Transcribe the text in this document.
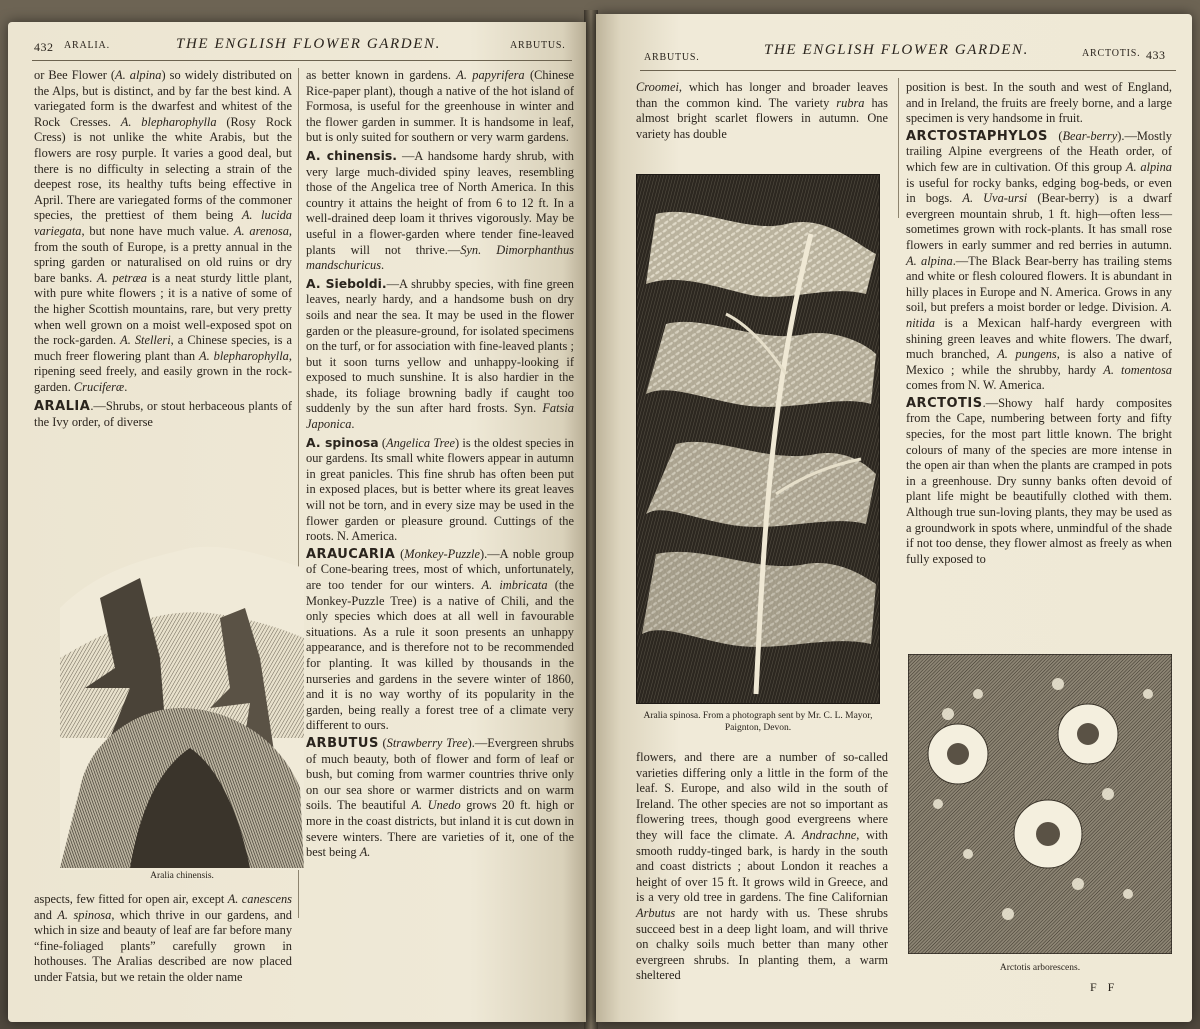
432 ARALIA.	THE ENGLISH FLOWER GARDEN.	ARBUTUS.

or Bee Flower (A. alpina) so widely distributed on the Alps, but is distinct, and by far the best kind. A variegated form is the dwarfest and whitest of the Rock Cresses. A. blepharophylla (Rosy Rock Cress) is not unlike the white Arabis, but the flowers are rosy purple. It varies a good deal, but there is no difficulty in selecting a strain of the deepest rose, its healthy tufts being effective in April. There are variegated forms of the commoner species, the prettiest of them being A. lucida variegata, but none have much value. A. arenosa, from the south of Europe, is a pretty annual in the spring garden or naturalised on old ruins or dry bare banks. A. petræa is a neat sturdy little plant, with pure white flowers ; it is a native of some of the higher Scottish mountains, rare, but very pretty when well grown on a moist well-exposed spot on the rock-garden. A. Stelleri, a Chinese species, is a much freer flowering plant than A. blepharophylla, ripening seed freely, and easily grown in the rock-garden. Cruciferæ.

ARALIA.—Shrubs, or stout herbaceous plants of the Ivy order, of diverse

Aralia chinensis.

aspects, few fitted for open air, except A. canescens and A. spinosa, which thrive in our gardens, and which in size and beauty of leaf are far before many “fine-foliaged plants” carefully grown in hothouses. The Aralias described are now placed under Fatsia, but we retain the older name

as better known in gardens. A. papyrifera (Chinese Rice-paper plant), though a native of the hot island of Formosa, is useful for the greenhouse in winter and the flower garden in summer. It is handsome in leaf, but is only suited for southern or very warm gardens.

A. chinensis. —A handsome hardy shrub, with very large much-divided spiny leaves, resembling those of the Angelica tree of North America. In this country it attains the height of from 6 to 12 ft. In a well-drained deep loam it thrives vigorously. May be useful in a flower-garden where tender fine-leaved plants will not thrive.—Syn. Dimorphanthus mandschuricus.

A. Sieboldi.—A shrubby species, with fine green leaves, nearly hardy, and a handsome bush on dry soils and near the sea. It may be used in the flower garden or the pleasure-ground, for isolated specimens on the turf, or for association with fine-leaved plants ; but it soon turns yellow and unhappy-looking if exposed to much sunshine. It is also hardier in the shade, its foliage browning badly if caught too suddenly by the sun after hard frosts. Syn. Fatsia Japonica.

A. spinosa (Angelica Tree) is the oldest species in our gardens. Its small white flowers appear in autumn in great panicles. This fine shrub has often been put in exposed places, but is better where its great leaves will not be torn, and in every size may be used in the flower garden or pleasure ground. Cuttings of the roots. N. America.

ARAUCARIA (Monkey-Puzzle).—A noble group of Cone-bearing trees, most of which, unfortunately, are too tender for our winters. A. imbricata (the Monkey-Puzzle Tree) is a native of Chili, and the only species which does at all well in favourable situations. As a rule it soon presents an unhappy appearance, and is therefore not to be recommended for planting. It was killed by thousands in the nurseries and gardens in the severe winter of 1860, and it is no way worthy of its popularity in the garden, being really a forest tree of a climate very different to ours.

ARBUTUS (Strawberry Tree).—Evergreen shrubs of much beauty, both of flower and form of leaf or bush, but coming from warmer countries thrive only on our sea shore or warmer districts and on warm soils. The beautiful A. Unedo grows 20 ft. high or more in the coast districts, but inland it is cut down in severe winters. There are varieties of it, one of the best being A.

ARBUTUS.	THE ENGLISH FLOWER GARDEN.	ARCTOTIS. 433

Croomei, which has longer and broader leaves than the common kind. The variety rubra has almost bright scarlet flowers in autumn. One variety has double

Aralia spinosa. From a photograph sent by Mr. C. L. Mayor, Paignton, Devon.

flowers, and there are a number of so-called varieties differing only a little in the form of the leaf. S. Europe, and also wild in the south of Ireland. The other species are not so important as flowering trees, though good evergreens where they will face the climate. A. Andrachne, with smooth ruddy-tinged bark, is hardy in the south and coast districts ; about London it reaches a height of over 15 ft. It grows wild in Greece, and is a very old tree in gardens. The fine Californian Arbutus are not hardy with us. These shrubs succeed best in a deep light loam, and will thrive on chalky soils much better than many other evergreen shrubs. In planting them, a warm sheltered

position is best. In the south and west of England, and in Ireland, the fruits are freely borne, and a large specimen is very handsome in fruit.

ARCTOSTAPHYLOS (Bear-berry).—Mostly trailing Alpine evergreens of the Heath order, of which few are in cultivation. Of this group A. alpina is useful for rocky banks, edging bog-beds, or even in bogs. A. Uva-ursi (Bear-berry) is a dwarf evergreen mountain shrub, 1 ft. high—often less—sometimes grown with rock-plants. It has small rose flowers in early summer and red berries in autumn. A. alpina.—The Black Bear-berry has trailing stems and white or flesh coloured flowers. It is abundant in hilly places in Europe and N. America. Grows in any soil, but prefers a moist border or ledge. Division. A. nitida is a Mexican half-hardy evergreen with shining green leaves and white flowers. The dwarf, much branched, A. pungens, is also a native of Mexico ; while the shrubby, hardy A. tomentosa comes from N. W. America.

ARCTOTIS.—Showy half hardy composites from the Cape, numbering between forty and fifty species, for the most part little known. The bright colours of many of the species are more intense in the open air than when the plants are cramped in pots in a greenhouse. Dry sunny banks often devoid of plant life might be beautifully clothed with them. Although true sun-loving plants, they may be used as a groundwork in spots where, unmindful of the shade if not too dense, they flower almost as freely as when fully exposed to

Arctotis arborescens.
F F
